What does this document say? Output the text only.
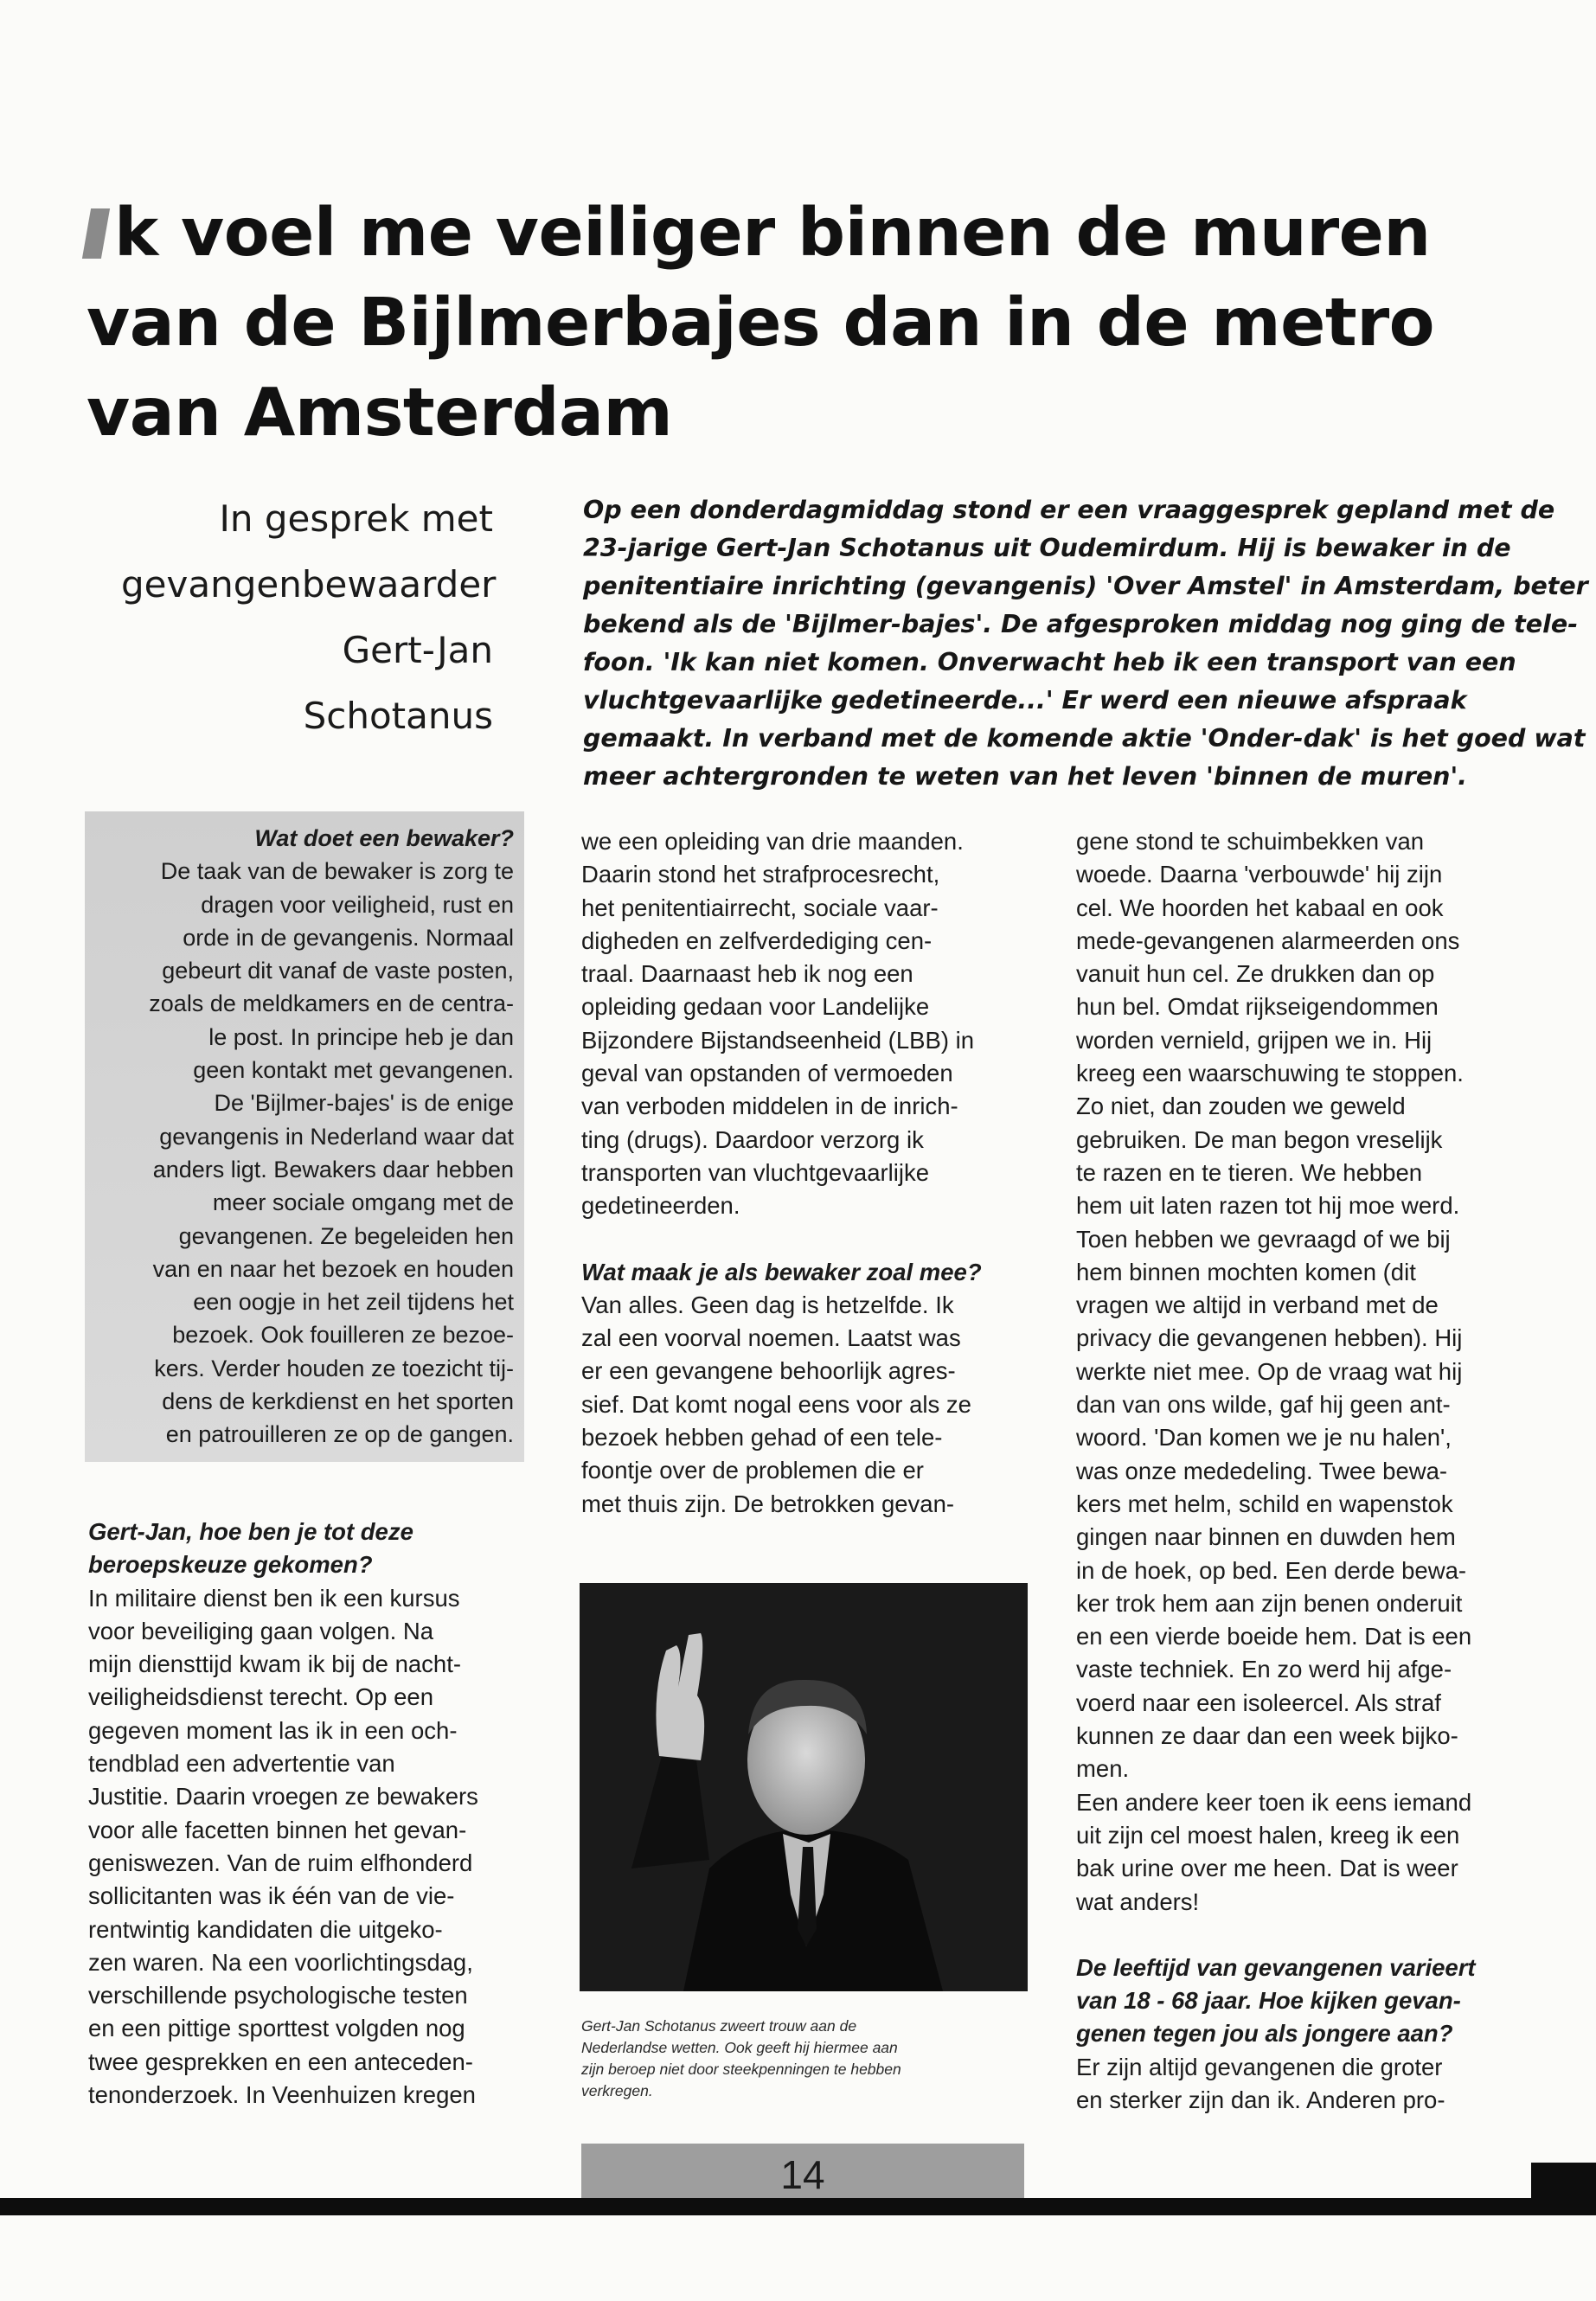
k voel me veiliger binnen de muren
van de Bijlmerbajes dan in de metro
van Amsterdam
In gesprek met
gevangenbewaarder
Gert-Jan
Schotanus
Op een donderdagmiddag stond er een vraaggesprek gepland met de
23-jarige Gert-Jan Schotanus uit Oudemirdum. Hij is bewaker in de
penitentiaire inrichting (gevangenis) 'Over Amstel' in Amsterdam, beter
bekend als de 'Bijlmer-bajes'. De afgesproken middag nog ging de tele-
foon. 'Ik kan niet komen. Onverwacht heb ik een transport van een
vluchtgevaarlijke gedetineerde...' Er werd een nieuwe afspraak
gemaakt. In verband met de komende aktie 'Onder-dak' is het goed wat
meer achtergronden te weten van het leven 'binnen de muren'.
Wat doet een bewaker?
De taak van de bewaker is zorg te
dragen voor veiligheid, rust en
orde in de gevangenis. Normaal
gebeurt dit vanaf de vaste posten,
zoals de meldkamers en de centra-
le post. In principe heb je dan
geen kontakt met gevangenen.
De 'Bijlmer-bajes' is de enige
gevangenis in Nederland waar dat
anders ligt. Bewakers daar hebben
meer sociale omgang met de
gevangenen. Ze begeleiden hen
van en naar het bezoek en houden
een oogje in het zeil tijdens het
bezoek. Ook fouilleren ze bezoe-
kers. Verder houden ze toezicht tij-
dens de kerkdienst en het sporten
en patrouilleren ze op de gangen.
Gert-Jan, hoe ben je tot deze
beroepskeuze gekomen?
In militaire dienst ben ik een kursus
voor beveiliging gaan volgen. Na
mijn diensttijd kwam ik bij de nacht-
veiligheidsdienst terecht. Op een
gegeven moment las ik in een och-
tendblad een advertentie van
Justitie. Daarin vroegen ze bewakers
voor alle facetten binnen het gevan-
geniswezen. Van de ruim elfhonderd
sollicitanten was ik één van de vie-
rentwintig kandidaten die uitgeko-
zen waren. Na een voorlichtingsdag,
verschillende psychologische testen
en een pittige sporttest volgden nog
twee gesprekken en een anteceden-
tenonderzoek. In Veenhuizen kregen
we een opleiding van drie maanden.
Daarin stond het strafprocesrecht,
het penitentiairrecht, sociale vaar-
digheden en zelfverdediging cen-
traal. Daarnaast heb ik nog een
opleiding gedaan voor Landelijke
Bijzondere Bijstandseenheid (LBB) in
geval van opstanden of vermoeden
van verboden middelen in de inrich-
ting (drugs). Daardoor verzorg ik
transporten van vluchtgevaarlijke
gedetineerden.
Wat maak je als bewaker zoal mee?
Van alles. Geen dag is hetzelfde. Ik
zal een voorval noemen. Laatst was
er een gevangene behoorlijk agres-
sief. Dat komt nogal eens voor als ze
bezoek hebben gehad of een tele-
foontje over de problemen die er
met thuis zijn. De betrokken gevan-
Gert-Jan Schotanus zweert trouw aan de
Nederlandse wetten. Ook geeft hij hiermee aan
zijn beroep niet door steekpenningen te hebben
verkregen.
gene stond te schuimbekken van
woede. Daarna 'verbouwde' hij zijn
cel. We hoorden het kabaal en ook
mede-gevangenen alarmeerden ons
vanuit hun cel. Ze drukken dan op
hun bel. Omdat rijkseigendommen
worden vernield, grijpen we in. Hij
kreeg een waarschuwing te stoppen.
Zo niet, dan zouden we geweld
gebruiken. De man begon vreselijk
te razen en te tieren. We hebben
hem uit laten razen tot hij moe werd.
Toen hebben we gevraagd of we bij
hem binnen mochten komen (dit
vragen we altijd in verband met de
privacy die gevangenen hebben). Hij
werkte niet mee. Op de vraag wat hij
dan van ons wilde, gaf hij geen ant-
woord. 'Dan komen we je nu halen',
was onze mededeling. Twee bewa-
kers met helm, schild en wapenstok
gingen naar binnen en duwden hem
in de hoek, op bed. Een derde bewa-
ker trok hem aan zijn benen onderuit
en een vierde boeide hem. Dat is een
vaste techniek. En zo werd hij afge-
voerd naar een isoleercel. Als straf
kunnen ze daar dan een week bijko-
men.
Een andere keer toen ik eens iemand
uit zijn cel moest halen, kreeg ik een
bak urine over me heen. Dat is weer
wat anders!
De leeftijd van gevangenen varieert
van 18 - 68 jaar. Hoe kijken gevan-
genen tegen jou als jongere aan?
Er zijn altijd gevangenen die groter
en sterker zijn dan ik. Anderen pro-
14
